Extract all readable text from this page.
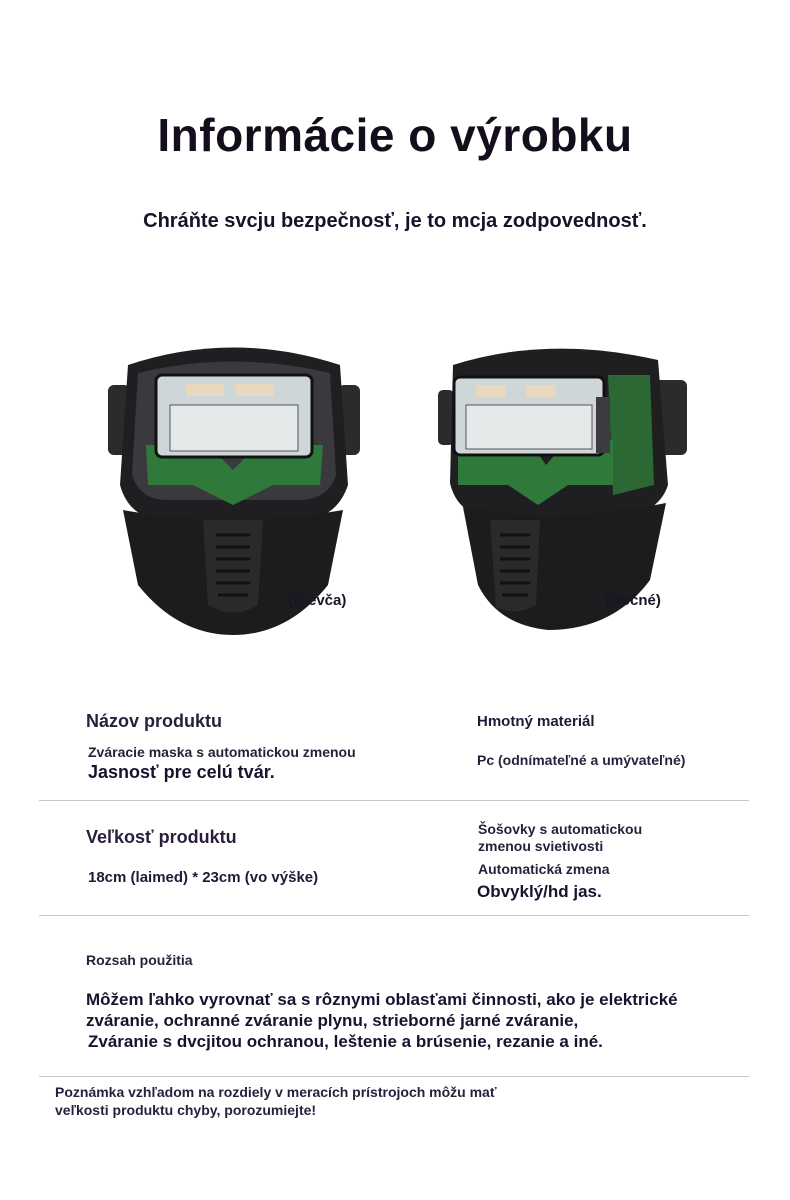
Informácie o výrobku
Chráňte svcju bezpečnosť, je to mcja zodpovednosť.
(Dievča)	(Bočné)
Názov produktu
Zváracie maska s automatickou zmenou
Jasnosť pre celú tvár.
Hmotný materiál
Pc (odnímateľné a umývateľné)
Veľkosť produktu
18cm (laimed) * 23cm (vo výške)
Šošovky s automatickou
zmenou svietivosti
Automatická zmena
Obvyklý/hd jas.
Rozsah použitia
Môžem ľahko vyrovnať sa s rôznymi oblasťami činnosti, ako je elektrické
zváranie, ochranné zváranie plynu, strieborné jarné zváranie,
Zváranie s dvcjitou ochranou, leštenie a brúsenie, rezanie a iné.
Poznámka vzhľadom na rozdiely v meracích prístrojoch môžu mať
veľkosti produktu chyby, porozumiejte!
